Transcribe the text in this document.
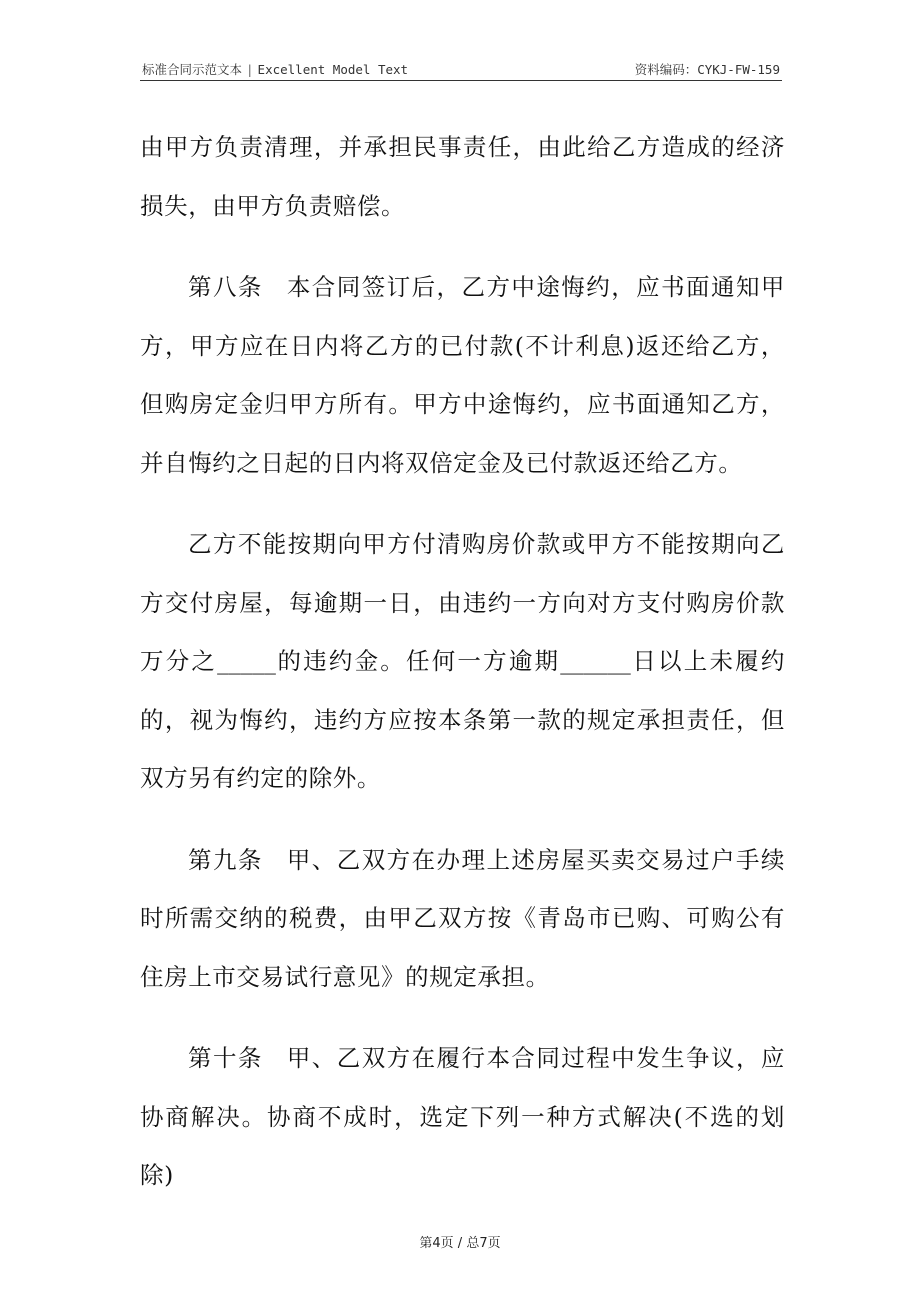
标准合同示范文本 | Excellent Model Text	资料编码：CYKJ-FW-159

由甲方负责清理，并承担民事责任，由此给乙方造成的经济损失，由甲方负责赔偿。

第八条 本合同签订后，乙方中途悔约，应书面通知甲方，甲方应在日内将乙方的已付款(不计利息)返还给乙方，但购房定金归甲方所有。甲方中途悔约，应书面通知乙方，并自悔约之日起的日内将双倍定金及已付款返还给乙方。

乙方不能按期向甲方付清购房价款或甲方不能按期向乙方交付房屋，每逾期一日，由违约一方向对方支付购房价款万分之_____的违约金。任何一方逾期______日以上未履约的，视为悔约，违约方应按本条第一款的规定承担责任，但双方另有约定的除外。

第九条 甲、乙双方在办理上述房屋买卖交易过户手续时所需交纳的税费，由甲乙双方按《青岛市已购、可购公有住房上市交易试行意见》的规定承担。

第十条 甲、乙双方在履行本合同过程中发生争议，应协商解决。协商不成时，选定下列一种方式解决(不选的划除)

第4页 / 总7页
